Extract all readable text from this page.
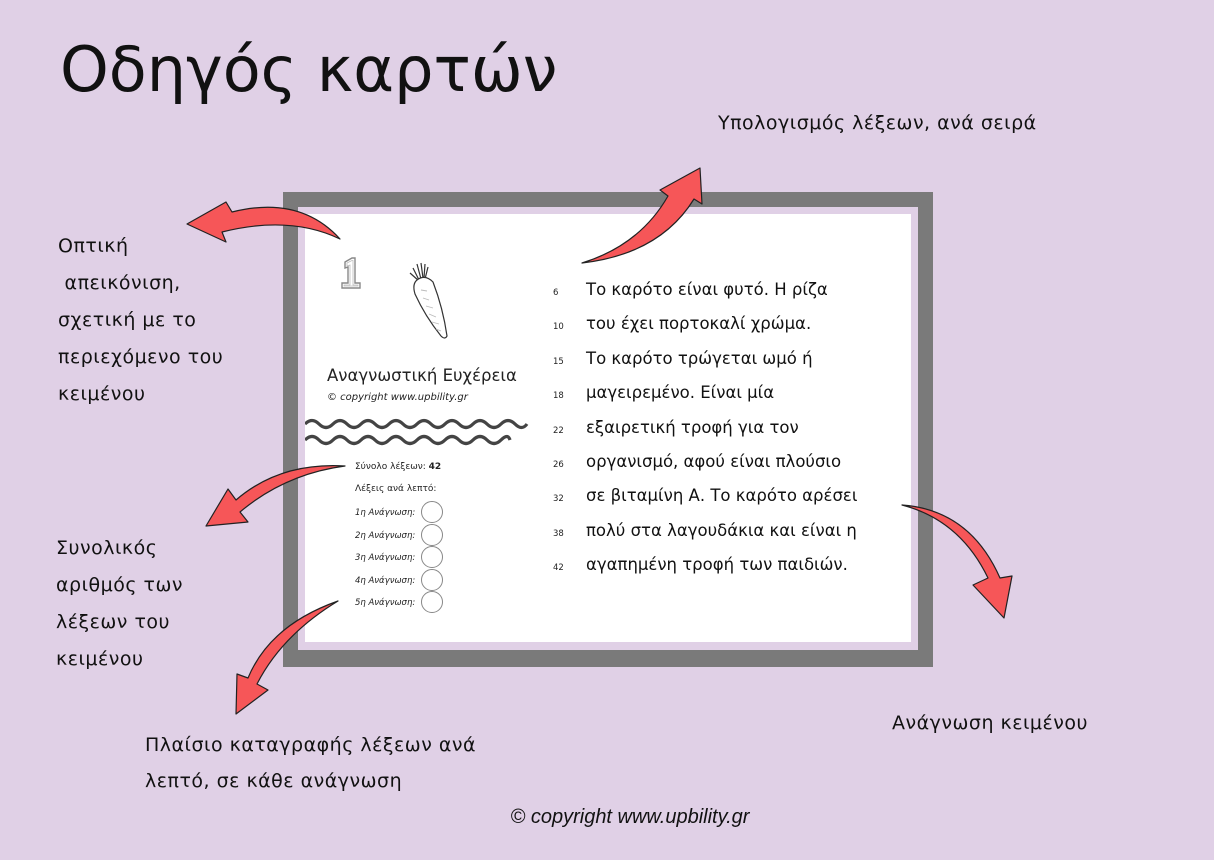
Οδηγός καρτών
Οπτική
απεικόνιση,
σχετική με το
περιεχόμενο του
κειμένου
Υπολογισμός λέξεων, ανά σειρά
Συνολικός
αριθμός των
λέξεων του
κειμένου
Πλαίσιο καταγραφής λέξεων ανά
λεπτό, σε κάθε ανάγνωση
Ανάγνωση κειμένου
Αναγνωστική Ευχέρεια
© copyright www.upbility.gr
Σύνολο λέξεων: 42
Λέξεις ανά λεπτό:
1η Ανάγνωση:
2η Ανάγνωση:
3η Ανάγνωση:
4η Ανάγνωση:
5η Ανάγνωση:
6	Το καρότο είναι φυτό. Η ρίζα
10	του έχει πορτοκαλί χρώμα.
15	Το καρότο τρώγεται ωμό ή
18	μαγειρεμένο. Είναι μία
22	εξαιρετική τροφή για τον
26	οργανισμό, αφού είναι πλούσιο
32	σε βιταμίνη Α. Το καρότο αρέσει
38	πολύ στα λαγουδάκια και είναι η
42	αγαπημένη τροφή των παιδιών.
© copyright www.upbility.gr
